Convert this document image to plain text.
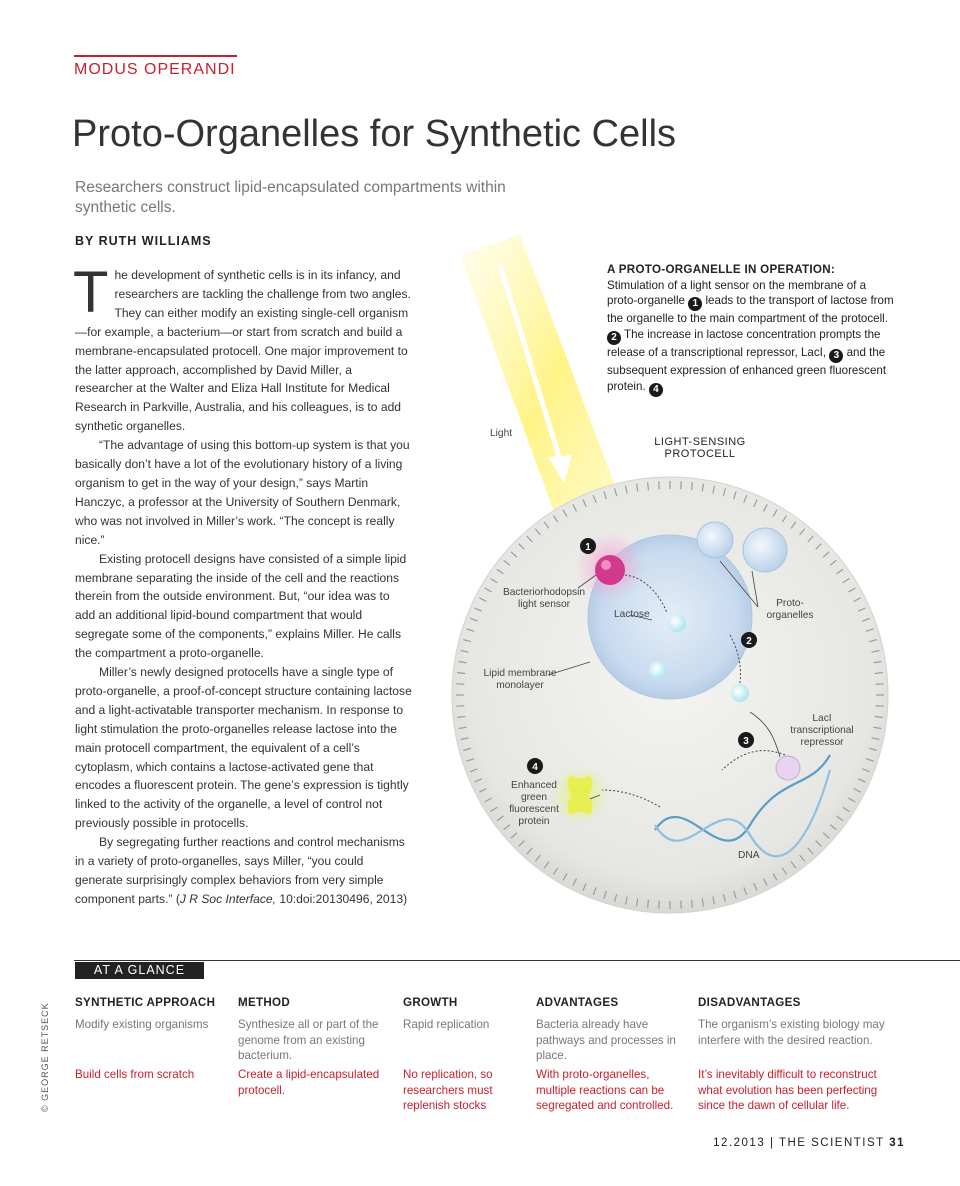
MODUS OPERANDI
Proto-Organelles for Synthetic Cells
Researchers construct lipid-encapsulated compartments within synthetic cells.
BY RUTH WILLIAMS

The development of synthetic cells is in its infancy, and researchers are tackling the challenge from two angles. They can either modify an existing single-cell organism—for example, a bacterium—or start from scratch and build a membrane-encapsulated protocell. One major improvement to the latter approach, accomplished by David Miller, a researcher at the Walter and Eliza Hall Institute for Medical Research in Parkville, Australia, and his colleagues, is to add synthetic organelles.

“The advantage of using this bottom-up system is that you basically don’t have a lot of the evolutionary history of a living organism to get in the way of your design,” says Martin Hanczyc, a professor at the University of Southern Denmark, who was not involved in Miller’s work. “The concept is really nice.”

Existing protocell designs have consisted of a simple lipid membrane separating the inside of the cell and the reactions therein from the outside environment. But, “our idea was to add an additional lipid-bound compartment that would segregate some of the components,” explains Miller. He calls the compartment a proto-organelle.

Miller’s newly designed protocells have a single type of proto-organelle, a proof-of-concept structure containing lactose and a light-activatable transporter mechanism. In response to light stimulation the proto-organelles release lactose into the main protocell compartment, the equivalent of a cell’s cytoplasm, which contains a lactose-activated gene that encodes a fluorescent protein. The gene’s expression is tightly linked to the activity of the organelle, a level of control not previously possible in protocells.

By segregating further reactions and control mechanisms in a variety of proto-organelles, says Miller, “you could generate surprisingly complex behaviors from very simple component parts.” (J R Soc Interface, 10:doi:20130496, 2013)

1
2
3
4
Light
LIGHT-SENSING
PROTOCELL
Bacteriorhodopsin
light sensor
Lactose
Proto-
organelles
Lipid membrane
monolayer
LacI
transcriptional
repressor
Enhanced
green
fluorescent
protein
DNA
A PROTO-ORGANELLE IN OPERATION:
Stimulation of a light sensor on the membrane of a proto-organelle 1 leads to the transport of lactose from the organelle to the main compartment of the protocell. 2 The increase in lactose concentration prompts the release of a transcriptional repressor, LacI, 3 and the subsequent expression of enhanced green fluorescent protein. 4
AT A GLANCE
SYNTHETIC APPROACH
Modify existing organisms
Build cells from scratch
METHOD
Synthesize all or part of the genome from an existing bacterium.
Create a lipid-encapsulated protocell.
GROWTH
Rapid replication
No replication, so researchers must replenish stocks
ADVANTAGES
Bacteria already have pathways and processes in place.
With proto-organelles, multiple reactions can be segregated and controlled.
DISADVANTAGES
The organism’s existing biology may interfere with the desired reaction.
It’s inevitably difficult to reconstruct what evolution has been perfecting since the dawn of cellular life.
© GEORGE RETSECK
12.2013 | THE SCIENTIST 31
